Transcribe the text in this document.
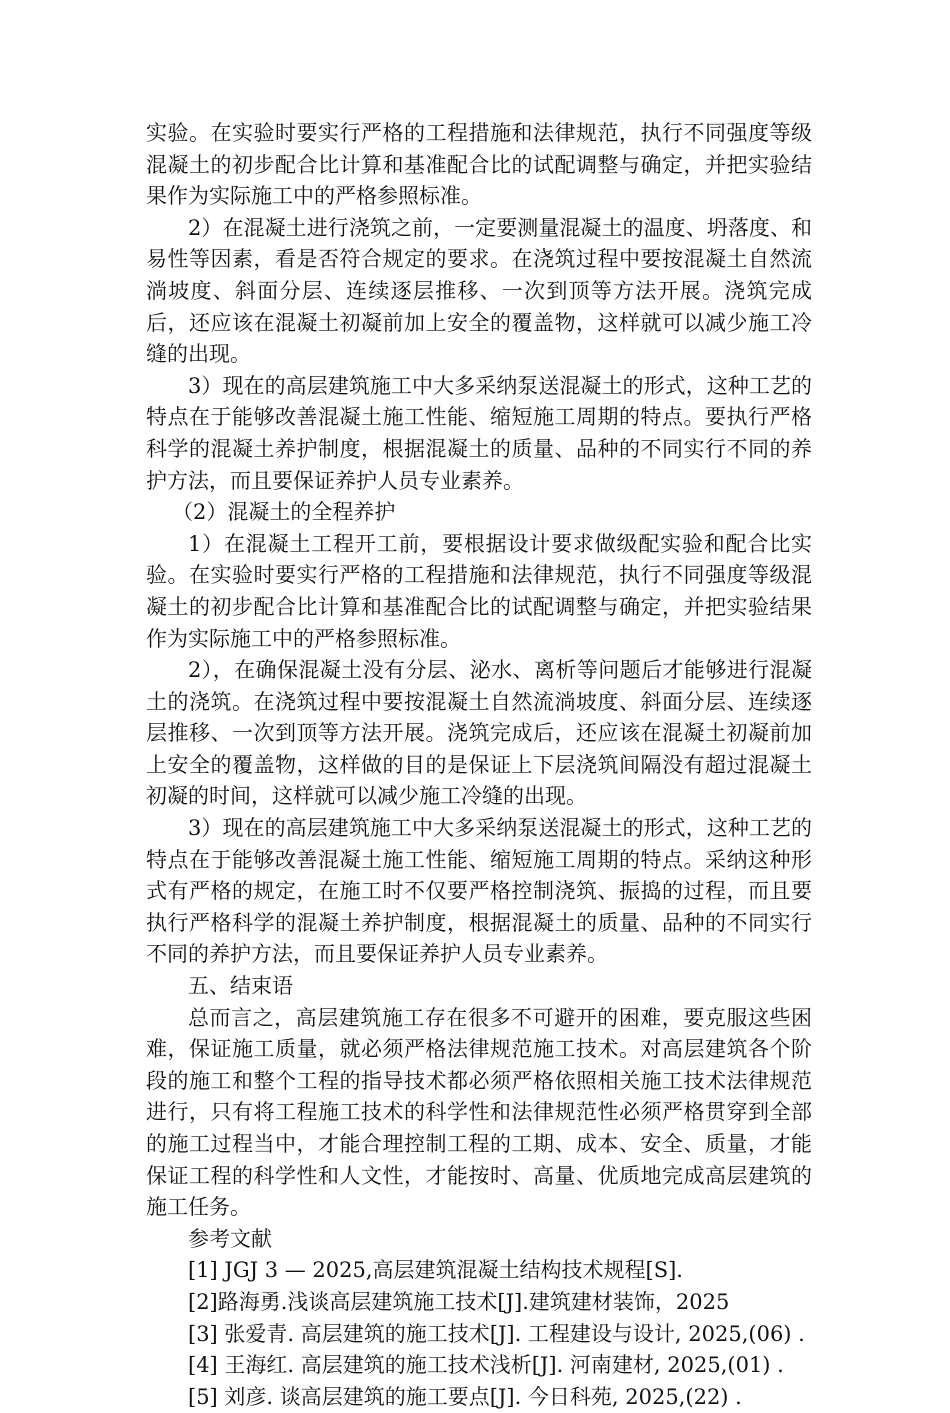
实验。在实验时要实行严格的工程措施和法律规范，执行不同强度等级混凝土的初步配合比计算和基准配合比的试配调整与确定，并把实验结果作为实际施工中的严格参照标准。

2）在混凝土进行浇筑之前，一定要测量混凝土的温度、坍落度、和易性等因素，看是否符合规定的要求。在浇筑过程中要按混凝土自然流淌坡度、斜面分层、连续逐层推移、一次到顶等方法开展。浇筑完成后，还应该在混凝土初凝前加上安全的覆盖物，这样就可以减少施工冷缝的出现。

3）现在的高层建筑施工中大多采纳泵送混凝土的形式，这种工艺的特点在于能够改善混凝土施工性能、缩短施工周期的特点。要执行严格科学的混凝土养护制度，根据混凝土的质量、品种的不同实行不同的养护方法，而且要保证养护人员专业素养。

（2）混凝土的全程养护

1）在混凝土工程开工前，要根据设计要求做级配实验和配合比实验。在实验时要实行严格的工程措施和法律规范，执行不同强度等级混凝土的初步配合比计算和基准配合比的试配调整与确定，并把实验结果作为实际施工中的严格参照标准。

2），在确保混凝土没有分层、泌水、离析等问题后才能够进行混凝土的浇筑。在浇筑过程中要按混凝土自然流淌坡度、斜面分层、连续逐层推移、一次到顶等方法开展。浇筑完成后，还应该在混凝土初凝前加上安全的覆盖物，这样做的目的是保证上下层浇筑间隔没有超过混凝土初凝的时间，这样就可以减少施工冷缝的出现。

3）现在的高层建筑施工中大多采纳泵送混凝土的形式，这种工艺的特点在于能够改善混凝土施工性能、缩短施工周期的特点。采纳这种形式有严格的规定，在施工时不仅要严格控制浇筑、振捣的过程，而且要执行严格科学的混凝土养护制度，根据混凝土的质量、品种的不同实行不同的养护方法，而且要保证养护人员专业素养。

五、结束语

总而言之，高层建筑施工存在很多不可避开的困难，要克服这些困难，保证施工质量，就必须严格法律规范施工技术。对高层建筑各个阶段的施工和整个工程的指导技术都必须严格依照相关施工技术法律规范进行，只有将工程施工技术的科学性和法律规范性必须严格贯穿到全部的施工过程当中，才能合理控制工程的工期、成本、安全、质量，才能保证工程的科学性和人文性，才能按时、高量、优质地完成高层建筑的施工任务。

参考文献

[1] JGJ 3 — 2025,高层建筑混凝土结构技术规程[S].

[2]路海勇.浅谈高层建筑施工技术[J].建筑建材装饰，2025

[3] 张爱青. 高层建筑的施工技术[J]. 工程建设与设计, 2025,(06) .

[4] 王海红. 高层建筑的施工技术浅析[J]. 河南建材, 2025,(01) .

[5] 刘彦. 谈高层建筑的施工要点[J]. 今日科苑, 2025,(22) .
